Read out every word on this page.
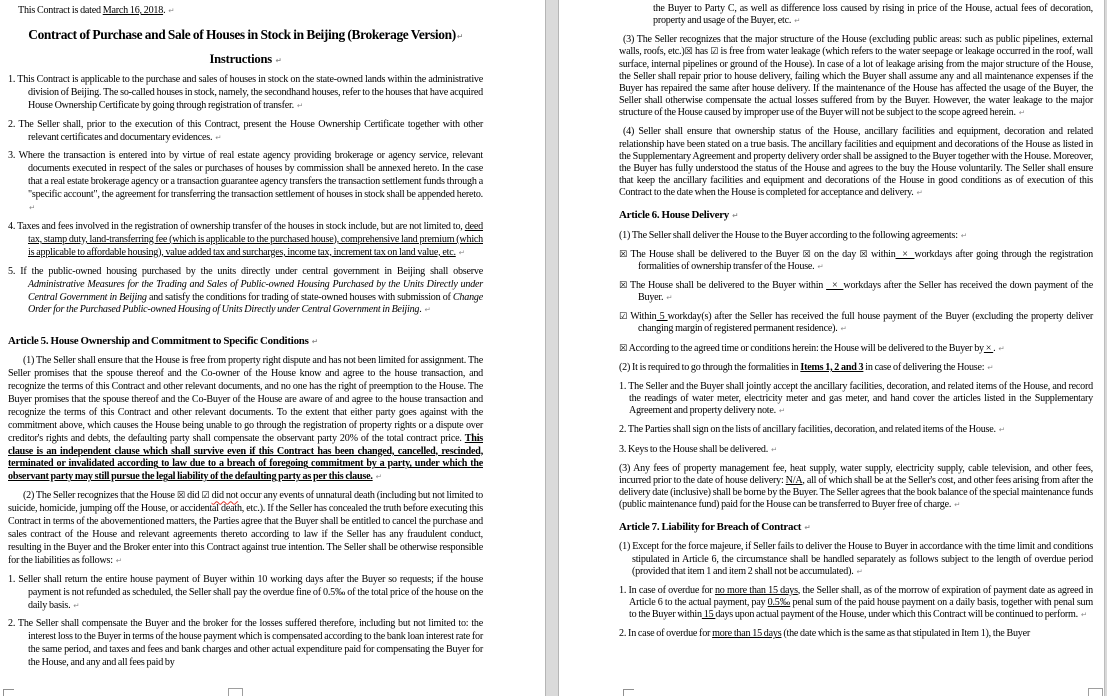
This Contract is dated March 16, 2018. ↵
Contract of Purchase and Sale of Houses in Stock in Beijing (Brokerage Version)↵
Instructions ↵
1. This Contract is applicable to the purchase and sales of houses in stock on the state-owned lands within the administrative division of Beijing. The so-called houses in stock, namely, the secondhand houses, refer to the houses that have acquired House Ownership Certificate by going through registration of transfer. ↵
2. The Seller shall, prior to the execution of this Contract, present the House Ownership Certificate together with other relevant certificates and documentary evidences. ↵
3. Where the transaction is entered into by virtue of real estate agency providing brokerage or agency service, relevant documents executed in respect of the sales or purchases of houses by commission shall be annexed hereto. In the case that a real estate brokerage agency or a transaction guarantee agency transfers the transaction settlement funds through a "specific account", the agreement for transferring the transaction settlement of houses in stock shall be appended hereto. ↵
4. Taxes and fees involved in the registration of ownership transfer of the houses in stock include, but are not limited to, deed tax, stamp duty, land-transferring fee (which is applicable to the purchased house), comprehensive land premium (which is applicable to affordable housing), value added tax and surcharges, income tax, increment tax on land value, etc. ↵
5. If the public-owned housing purchased by the units directly under central government in Beijing shall observe Administrative Measures for the Trading and Sales of Public-owned Housing Purchased by the Units Directly under Central Government in Beijing and satisfy the conditions for trading of state-owned houses with submission of Change Order for the Purchased Public-owned Housing of Units Directly under Central Government in Beijing. ↵
Article 5. House Ownership and Commitment to Specific Conditions ↵
(1) The Seller shall ensure that the House is free from property right dispute and has not been limited for assignment. The Seller promises that the spouse thereof and the Co-owner of the House know and agree to the house transaction, and recognize the terms of this Contract and other relevant documents, and no one has the right of preemption to the House. The Buyer promises that the spouse thereof and the Co-Buyer of the House are aware of and agree to the house transaction and recognize the terms of this Contract and other relevant documents. To the extent that either party goes against with the commitment above, which causes the House being unable to go through the registration of property rights or a dispute over creditor's rights and debts, the defaulting party shall compensate the observant party 20% of the total contract price. This clause is an independent clause which shall survive even if this Contract has been changed, cancelled, rescinded, terminated or invalidated according to law due to a breach of foregoing commitment by a party, under which the observant party may still pursue the legal liability of the defaulting party as per this clause. ↵
(2) The Seller recognizes that the House ☒ did ☑ did not occur any events of unnatural death (including but not limited to suicide, homicide, jumping off the House, or accidental death, etc.). If the Seller has concealed the truth before executing this Contract in terms of the abovementioned matters, the Parties agree that the Buyer shall be entitled to cancel the purchase and sales contract of the House and relevant agreements thereto according to law if the Seller has any fraudulent conduct, resulting in the Buyer and the Broker enter into this Contract against true intention. The Seller shall be otherwise responsible for the liabilities as follows: ↵
1. Seller shall return the entire house payment of Buyer within 10 working days after the Buyer so requests; if the house payment is not refunded as scheduled, the Seller shall pay the overdue fine of 0.5‰ of the total price of the house on the daily basis. ↵
2. The Seller shall compensate the Buyer and the broker for the losses suffered therefore, including but not limited to: the interest loss to the Buyer in terms of the house payment which is compensated according to the bank loan interest rate for the same period, and taxes and fees and bank charges and other actual expenditure paid for compensating the Buyer for the House, and any and all fees paid by
the Buyer to Party C, as well as difference loss caused by rising in price of the House, actual fees of decoration, property and usage of the Buyer, etc. ↵
(3) The Seller recognizes that the major structure of the House (excluding public areas: such as public pipelines, external walls, roofs, etc.)☒ has ☑ is free from water leakage (which refers to the water seepage or leakage occurred in the roof, wall surface, internal pipelines or ground of the House). In case of a lot of leakage arising from the major structure of the House, the Seller shall repair prior to house delivery, failing which the Buyer shall assume any and all maintenance expenses if the Buyer has repaired the same after house delivery. If the maintenance of the House has affected the usage of the Buyer, the Seller shall otherwise compensate the actual losses suffered from by the Buyer. However, the water leakage to the major structure of the House caused by improper use of the Buyer will not be subject to the scope agreed herein. ↵
(4) Seller shall ensure that ownership status of the House, ancillary facilities and equipment, decoration and related relationship have been stated on a true basis. The ancillary facilities and equipment and decorations of the House as listed in the Supplementary Agreement and property delivery order shall be assigned to the Buyer together with the House. Moreover, the Buyer has fully understood the status of the House and agrees to the buy the House voluntarily. The Seller shall ensure that keep the ancillary facilities and equipment and decorations of the House in good conditions as of execution of this Contract to the date when the House is completed for acceptance and delivery. ↵
Article 6. House Delivery ↵
(1) The Seller shall deliver the House to the Buyer according to the following agreements: ↵
☒ The House shall be delivered to the Buyer ☒ on the day ☒ within  ×  workdays after going through the registration formalities of ownership transfer of the House. ↵
☒ The House shall be delivered to the Buyer within   ×  workdays after the Seller has received the down payment of the Buyer. ↵
☑ Within 5 workday(s) after the Seller has received the full house payment of the Buyer (excluding the property deliver changing margin of registered permanent residence). ↵
☒ According to the agreed time or conditions herein: the House will be delivered to the Buyer by × . ↵
(2) It is required to go through the formalities in Items 1, 2 and 3 in case of delivering the House: ↵
1. The Seller and the Buyer shall jointly accept the ancillary facilities, decoration, and related items of the House, and record the readings of water meter, electricity meter and gas meter, and hand cover the articles listed in the Supplementary Agreement and property delivery note. ↵
2. The Parties shall sign on the lists of ancillary facilities, decoration, and related items of the House. ↵
3. Keys to the House shall be delivered. ↵
(3) Any fees of property management fee, heat supply, water supply, electricity supply, cable television, and other fees, incurred prior to the date of house delivery: N/A, all of which shall be at the Seller's cost, and other fees arising from after the delivery date (inclusive) shall be borne by the Buyer. The Seller agrees that the book balance of the special maintenance funds (public maintenance fund) paid for the House can be transferred to Buyer free of charge. ↵
Article 7. Liability for Breach of Contract ↵
(1) Except for the force majeure, if Seller fails to deliver the House to Buyer in accordance with the time limit and conditions stipulated in Article 6, the circumstance shall be handled separately as follows subject to the length of overdue period (provided that item 1 and item 2 shall not be accumulated). ↵
1. In case of overdue for no more than 15 days, the Seller shall, as of the morrow of expiration of payment date as agreed in Article 6 to the actual payment, pay 0.5‰ penal sum of the paid house payment on a daily basis, together with penal sum to the Buyer within 15 days upon actual payment of the House, under which this Contract will be continued to perform. ↵
2. In case of overdue for more than 15 days (the date which is the same as that stipulated in Item 1), the Buyer
